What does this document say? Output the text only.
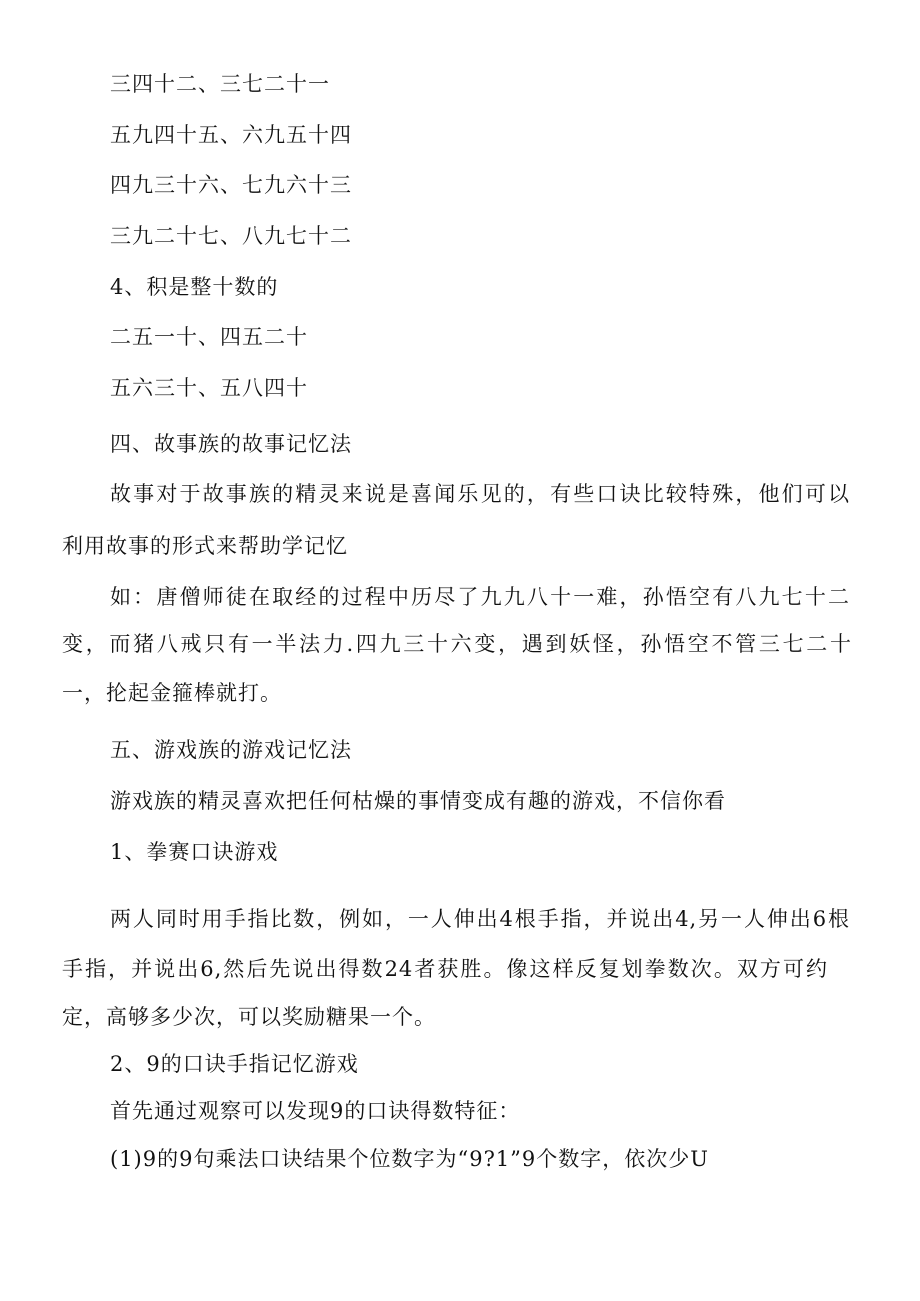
三四十二、三七二十一
五九四十五、六九五十四
四九三十六、七九六十三
三九二十七、八九七十二
4、积是整十数的
二五一十、四五二十
五六三十、五八四十
四、故事族的故事记忆法
故事对于故事族的精灵来说是喜闻乐见的，有些口诀比较特殊，他们可以
利用故事的形式来帮助学记忆
如：唐僧师徒在取经的过程中历尽了九九八十一难，孙悟空有八九七十二
变，而猪八戒只有一半法力.四九三十六变，遇到妖怪，孙悟空不管三七二十
一，抡起金箍棒就打。
五、游戏族的游戏记忆法
游戏族的精灵喜欢把任何枯燥的事情变成有趣的游戏，不信你看
1、拳赛口诀游戏
两人同时用手指比数，例如，一人伸出4根手指，并说出4,另一人伸出6根
手指，并说出6,然后先说出得数24者获胜。像这样反复划拳数次。双方可约
定，高够多少次，可以奖励糖果一个。
2、9的口诀手指记忆游戏
首先通过观察可以发现9的口诀得数特征：
(1)9的9句乘法口诀结果个位数字为“9?1”9个数字，依次少U
